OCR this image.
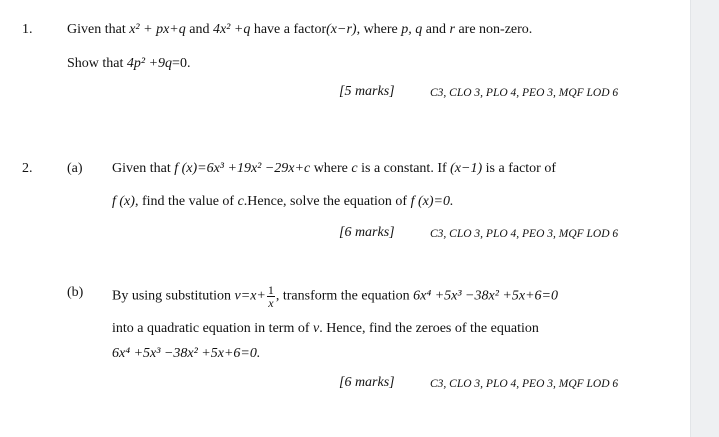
1. Given that x² + px+q and 4x² +q have a factor(x−r), where p, q and r are non-zero.
Show that 4p² +9q=0.
[5 marks]	C3, CLO 3, PLO 4, PEO 3, MQF LOD 6
2. (a) Given that f (x)=6x³ +19x² −29x+c where c is a constant. If (x−1) is a factor of
f (x), find the value of c.Hence, solve the equation of f (x)=0.
[6 marks]	C3, CLO 3, PLO 4, PEO 3, MQF LOD 6
(b) By using substitution $v=x+ \frac{1}{x}$ , transform the equation 6x⁴ +5x³ −38x² +5x+6=0
into a quadratic equation in term of v. Hence, find the zeroes of the equation
6x⁴ +5x³ −38x² +5x+6=0.
[6 marks]	C3, CLO 3, PLO 4, PEO 3, MQF LOD 6
